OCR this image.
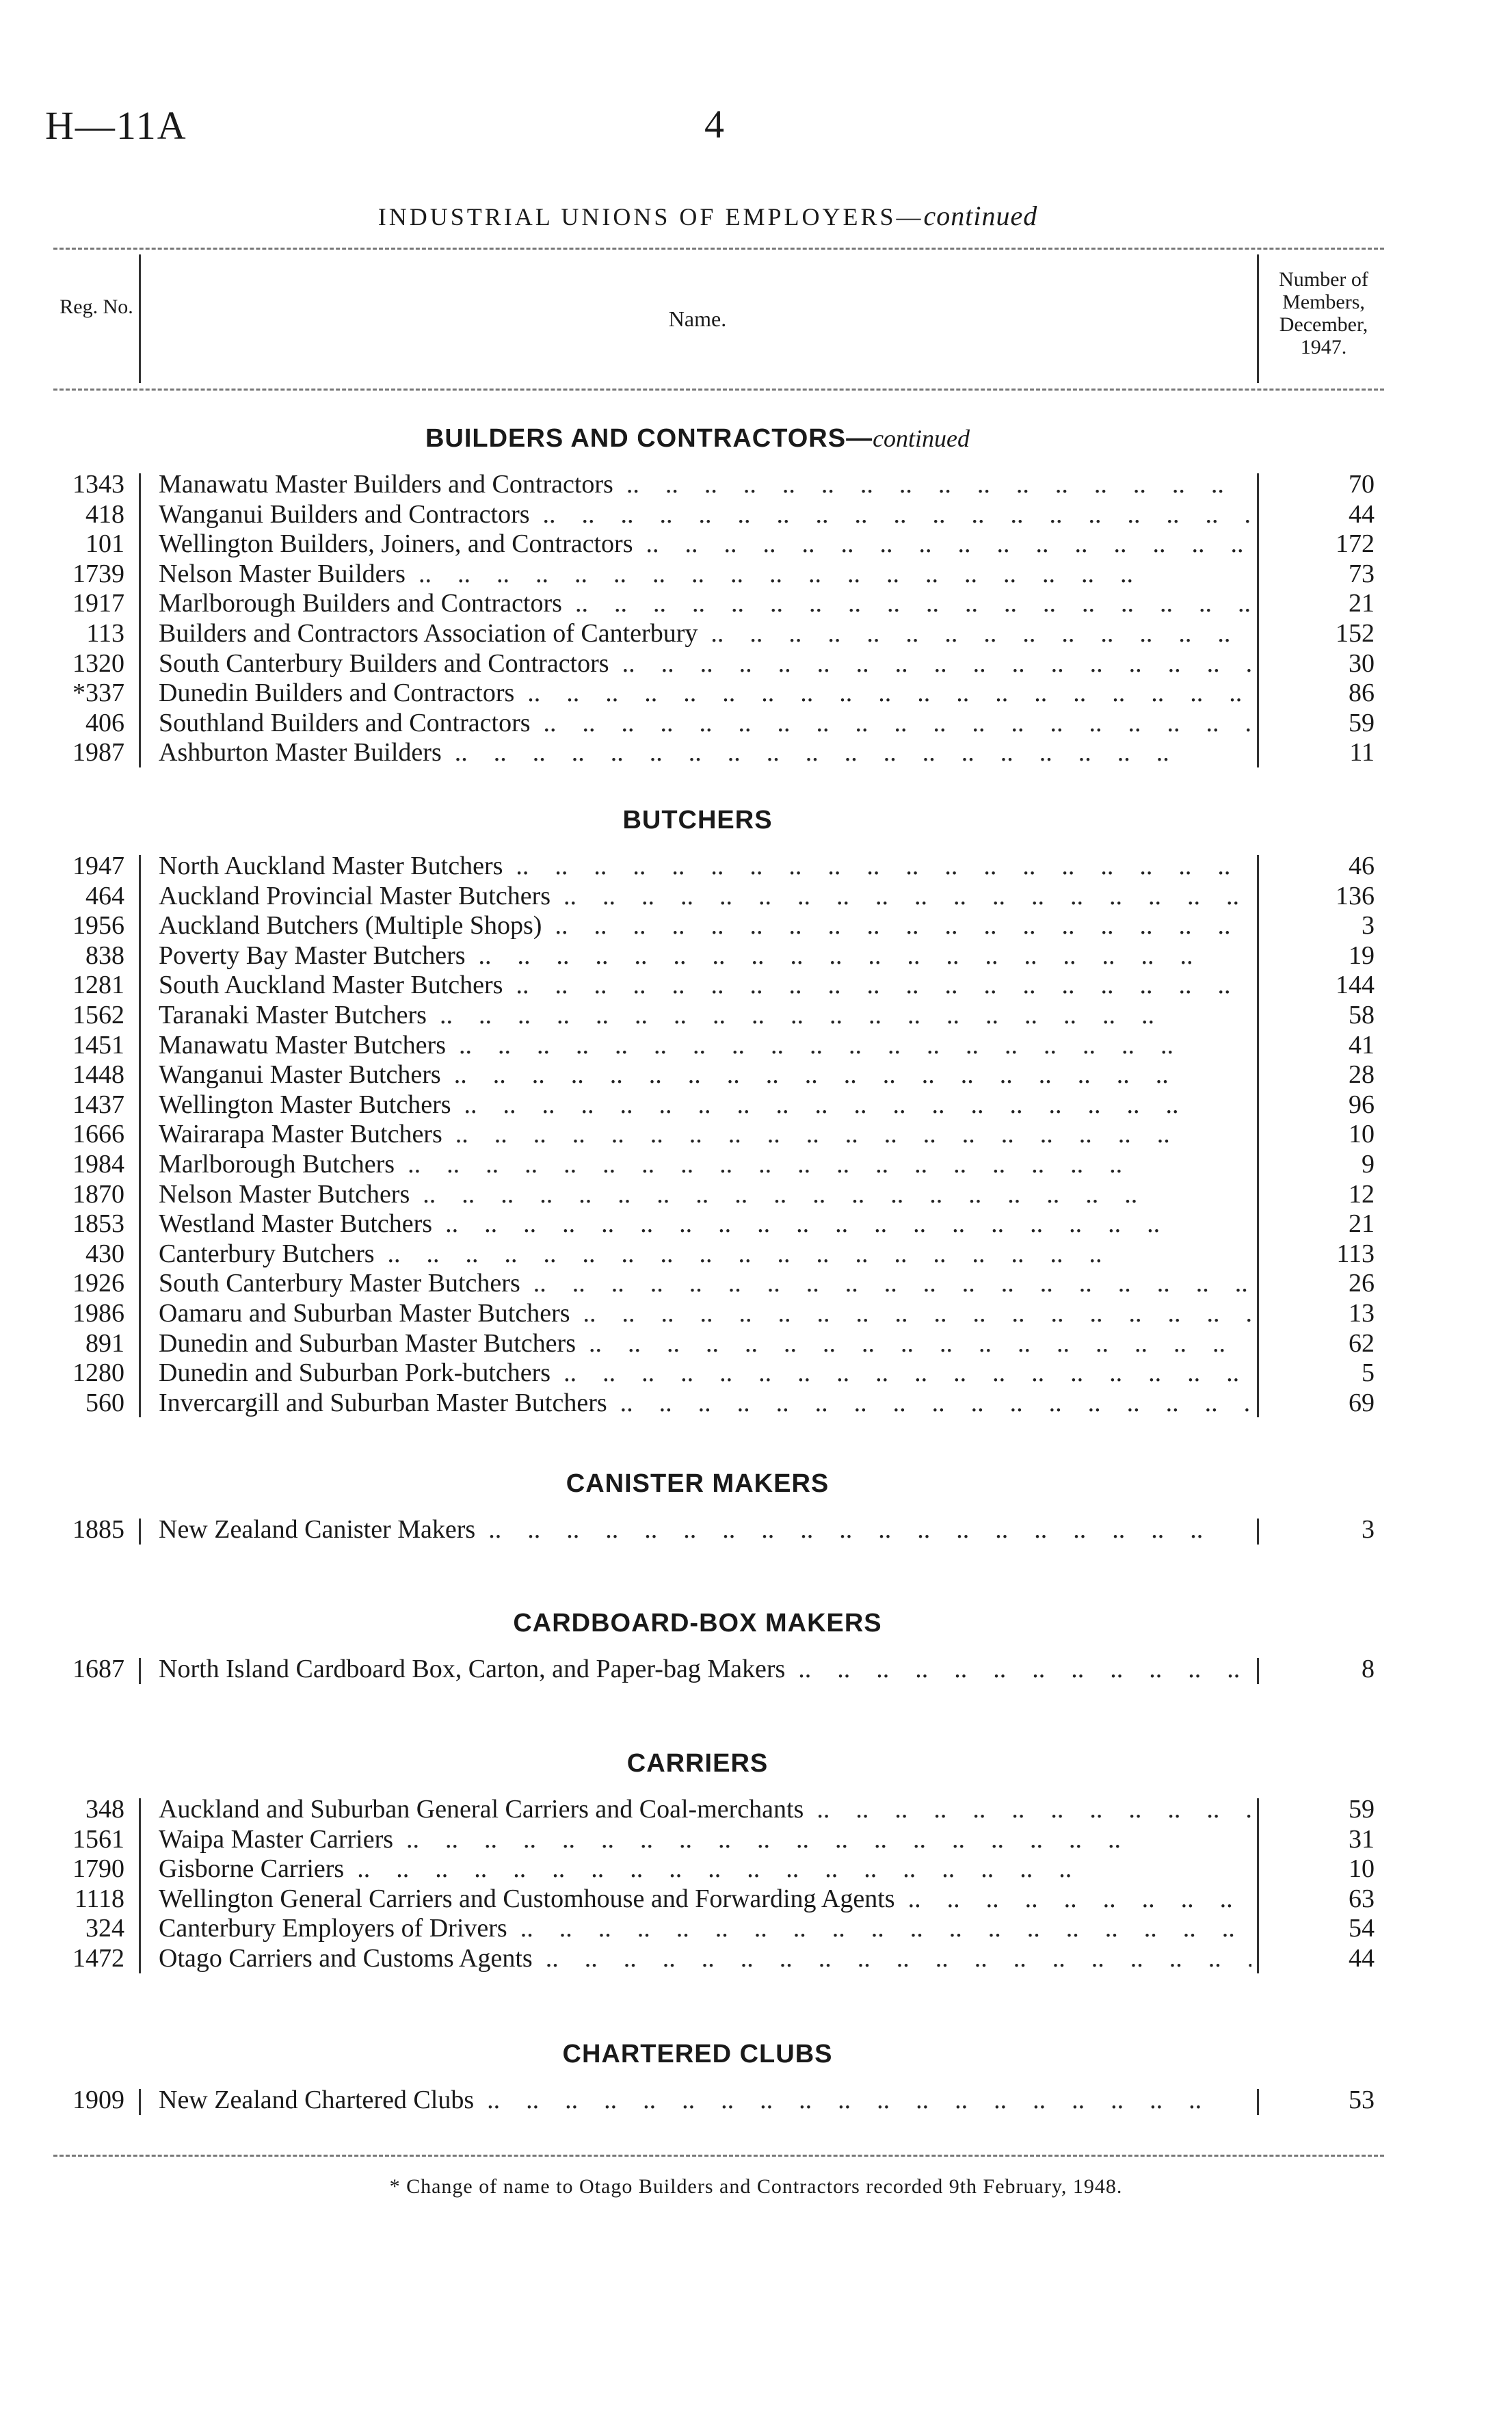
H—11A	4
INDUSTRIAL UNIONS OF EMPLOYERS—continued
Reg. No.	Name.
Number of Members, December, 1947.
BUILDERS AND CONTRACTORS—continued
1343 Manawatu Master Builders and Contractors ..	70
418 Wanganui Builders and Contractors ..	44
101 Wellington Builders, Joiners, and Contractors ..	172
1739 Nelson Master Builders ..	73
1917 Marlborough Builders and Contractors ..	21
113 Builders and Contractors Association of Canterbury ..	152
1320 South Canterbury Builders and Contractors ..	30
*337 Dunedin Builders and Contractors ..	86
406 Southland Builders and Contractors ..	59
1987 Ashburton Master Builders ..	11
BUTCHERS
1947 North Auckland Master Butchers ..	46
464 Auckland Provincial Master Butchers ..	136
1956 Auckland Butchers (Multiple Shops) ..	3
838 Poverty Bay Master Butchers ..	19
1281 South Auckland Master Butchers ..	144
1562 Taranaki Master Butchers ..	58
1451 Manawatu Master Butchers ..	41
1448 Wanganui Master Butchers ..	28
1437 Wellington Master Butchers ..	96
1666 Wairarapa Master Butchers ..	10
1984 Marlborough Butchers ..	9
1870 Nelson Master Butchers ..	12
1853 Westland Master Butchers ..	21
430 Canterbury Butchers ..	113
1926 South Canterbury Master Butchers ..	26
1986 Oamaru and Suburban Master Butchers ..	13
891 Dunedin and Suburban Master Butchers ..	62
1280 Dunedin and Suburban Pork-butchers ..	5
560 Invercargill and Suburban Master Butchers ..	69
CANISTER MAKERS
1885 New Zealand Canister Makers ..	3
CARDBOARD-BOX MAKERS
1687 North Island Cardboard Box, Carton, and Paper-bag Makers ..	8
CARRIERS
348 Auckland and Suburban General Carriers and Coal-merchants ..	59
1561 Waipa Master Carriers ..	31
1790 Gisborne Carriers ..	10
1118 Wellington General Carriers and Customhouse and Forwarding Agents ..	63
324 Canterbury Employers of Drivers ..	54
1472 Otago Carriers and Customs Agents ..	44
CHARTERED CLUBS
1909 New Zealand Chartered Clubs ..	53
* Change of name to Otago Builders and Contractors recorded 9th February, 1948.
